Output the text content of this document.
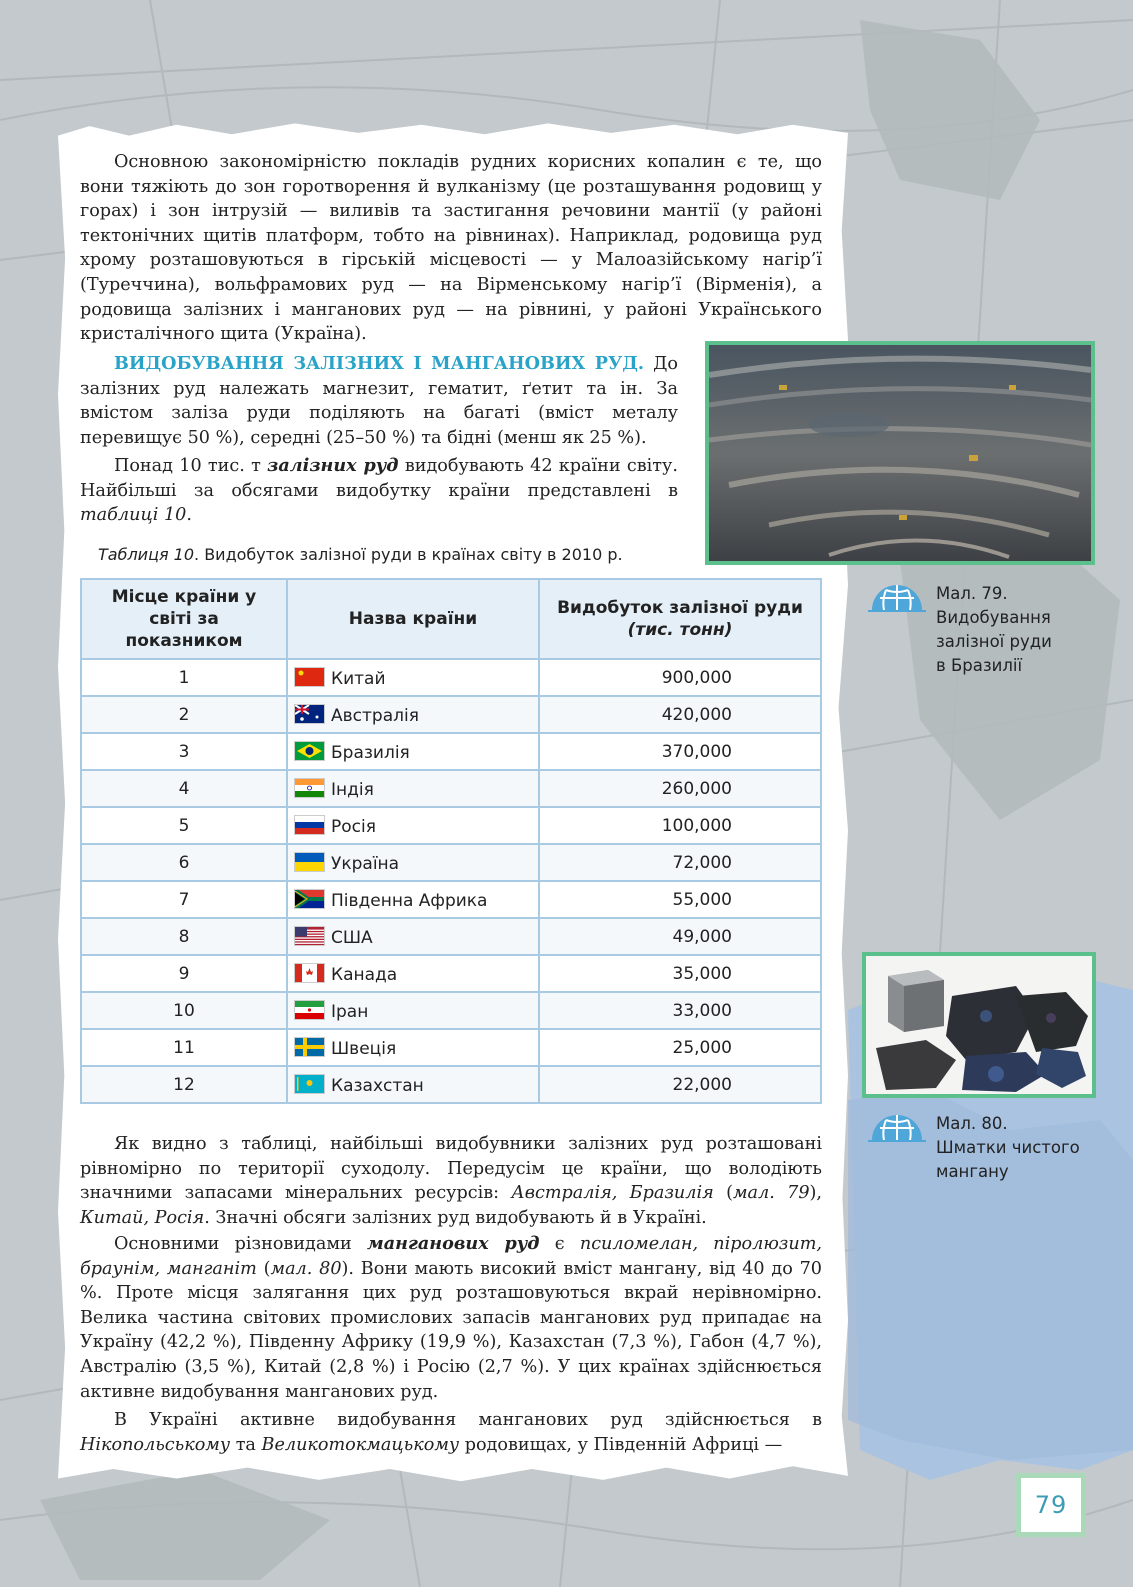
Основною закономірністю покладів рудних корисних копалин є те, що вони тяжіють до зон горотворення й вулканізму (це розташування родовищ у горах) і зон інтрузій — виливів та застигання речовини мантії (у районі тектонічних щитів платформ, тобто на рівнинах). Наприклад, родовища руд хрому розташовуються в гірській місцевості — у Малоазійському нагір’ї (Туреччина), вольфрамових руд — на Вірменському нагір’ї (Вірменія), а родовища залізних і манганових руд — на рівнині, у районі Українського кристалічного щита (Україна).

ВИДОБУВАННЯ ЗАЛІЗНИХ І МАНГАНОВИХ РУД. До залізних руд належать магнезит, гематит, ґетит та ін. За вмістом заліза руди поділяють на багаті (вміст металу перевищує 50 %), середні (25–50 %) та бідні (менш як 25 %).

Понад 10 тис. т залізних руд видобувають 42 країни світу. Найбільші за обсягами видобутку країни представлені в таблиці 10.

Таблиця 10. Видобуток залізної руди в країнах світу в 2010 р.
Місце країни у світі за показником	Назва країни	Видобуток залізної руди
(тис. тонн)
1	Китай	900,000
2	Австралія	420,000
3	Бразилія	370,000
4	Індія	260,000
5	Росія	100,000
6	Україна	72,000
7	Південна Африка	55,000
8	США	49,000
9	Канада	35,000
10	Іран	33,000
11	Швеція	25,000
12	Казахстан	22,000
Мал. 79.
Видобування
залізної руди
в Бразилії
Мал. 80.
Шматки чистого
мангану

Як видно з таблиці, найбільші видобувники залізних руд розташовані рівномірно по території суходолу. Передусім це країни, що володіють значними запасами мінеральних ресурсів: Австралія, Бразилія (мал. 79), Китай, Росія. Значні обсяги залізних руд видобувають й в Україні.

Основними різновидами манганових руд є псиломелан, піролюзит, браунім, манганіт (мал. 80). Вони мають високий вміст мангану, від 40 до 70 %. Проте місця залягання цих руд розташовуються вкрай нерівномірно. Велика частина світових промислових запасів манганових руд припадає на Україну (42,2 %), Південну Африку (19,9 %), Казахстан (7,3 %), Габон (4,7 %), Австралію (3,5 %), Китай (2,8 %) і Росію (2,7 %). У цих країнах здійснюється активне видобування манганових руд.

В Україні активне видобування манганових руд здійснюється в Нікопольському та Великотокмацькому родовищах, у Південній Африці —

79
